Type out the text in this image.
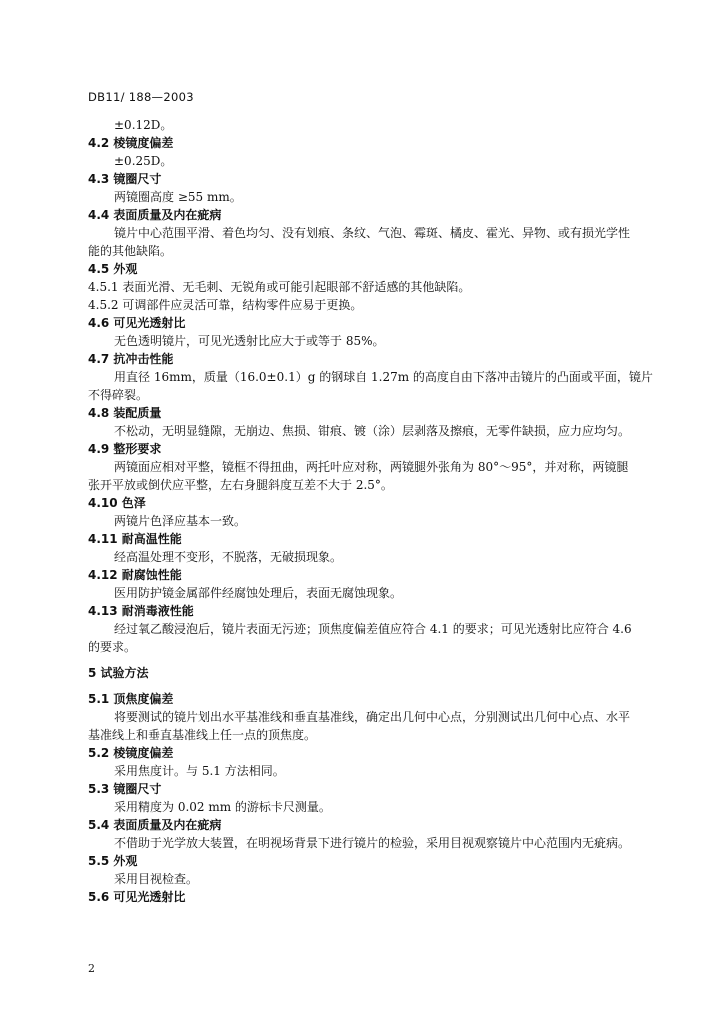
DB11/ 188—2003
±0.12D。
4.2 棱镜度偏差
±0.25D。
4.3 镜圈尺寸
两镜圈高度 ≥55 mm。
4.4 表面质量及内在疵病
镜片中心范围平滑、着色均匀、没有划痕、条纹、气泡、霉斑、橘皮、霍光、异物、或有损光学性
能的其他缺陷。
4.5 外观
4.5.1 表面光滑、无毛刺、无锐角或可能引起眼部不舒适感的其他缺陷。
4.5.2 可调部件应灵活可靠，结构零件应易于更换。
4.6 可见光透射比
无色透明镜片，可见光透射比应大于或等于 85%。
4.7 抗冲击性能
用直径 16mm，质量（16.0±0.1）g 的钢球自 1.27m 的高度自由下落冲击镜片的凸面或平面，镜片
不得碎裂。
4.8 装配质量
不松动，无明显缝隙，无崩边、焦损、钳痕、镀（涂）层剥落及擦痕，无零件缺损，应力应均匀。
4.9 整形要求
两镜面应相对平整，镜框不得扭曲，两托叶应对称，两镜腿外张角为 80°～95°，并对称，两镜腿
张开平放或倒伏应平整，左右身腿斜度互差不大于 2.5°。
4.10 色泽
两镜片色泽应基本一致。
4.11 耐高温性能
经高温处理不变形，不脱落，无破损现象。
4.12 耐腐蚀性能
医用防护镜金属部件经腐蚀处理后，表面无腐蚀现象。
4.13 耐消毒液性能
经过氧乙酸浸泡后，镜片表面无污迹；顶焦度偏差值应符合 4.1 的要求；可见光透射比应符合 4.6
的要求。
5 试验方法
5.1 顶焦度偏差
将要测试的镜片划出水平基准线和垂直基准线，确定出几何中心点，分别测试出几何中心点、水平
基准线上和垂直基准线上任一点的顶焦度。
5.2 棱镜度偏差
采用焦度计。与 5.1 方法相同。
5.3 镜圈尺寸
采用精度为 0.02 mm 的游标卡尺测量。
5.4 表面质量及内在疵病
不借助于光学放大装置，在明视场背景下进行镜片的检验，采用目视观察镜片中心范围内无疵病。
5.5 外观
采用目视检查。
5.6 可见光透射比
2
